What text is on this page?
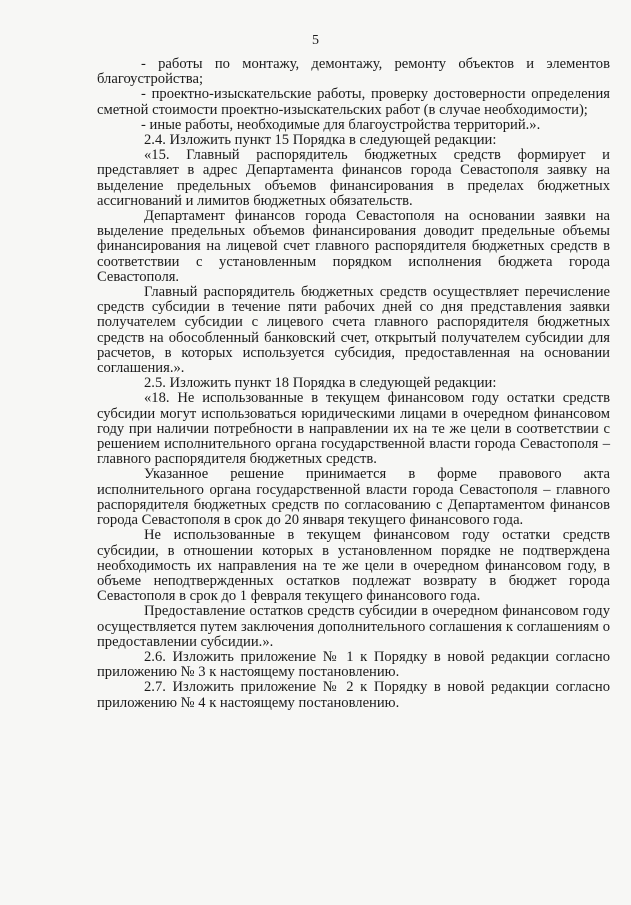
5

- работы по монтажу, демонтажу, ремонту объектов и элементов благоустройства;

- проектно-изыскательские работы, проверку достоверности определения сметной стоимости проектно-изыскательских работ (в случае необходимости);

- иные работы, необходимые для благоустройства территорий.».

2.4. Изложить пункт 15 Порядка в следующей редакции:

«15. Главный распорядитель бюджетных средств формирует и представляет в адрес Департамента финансов города Севастополя заявку на выделение предельных объемов финансирования в пределах бюджетных ассигнований и лимитов бюджетных обязательств.

Департамент финансов города Севастополя на основании заявки на выделение предельных объемов финансирования доводит предельные объемы финансирования на лицевой счет главного распорядителя бюджетных средств в соответствии с установленным порядком исполнения бюджета города Севастополя.

Главный распорядитель бюджетных средств осуществляет перечисление средств субсидии в течение пяти рабочих дней со дня представления заявки получателем субсидии с лицевого счета главного распорядителя бюджетных средств на обособленный банковский счет, открытый получателем субсидии для расчетов, в которых используется субсидия, предоставленная на основании соглашения.».

2.5. Изложить пункт 18 Порядка в следующей редакции:

«18. Не использованные в текущем финансовом году остатки средств субсидии могут использоваться юридическими лицами в очередном финансовом году при наличии потребности в направлении их на те же цели в соответствии с решением исполнительного органа государственной власти города Севастополя – главного распорядителя бюджетных средств.

Указанное решение принимается в форме правового акта исполнительного органа государственной власти города Севастополя – главного распорядителя бюджетных средств по согласованию с Департаментом финансов города Севастополя в срок до 20 января текущего финансового года.

Не использованные в текущем финансовом году остатки средств субсидии, в отношении которых в установленном порядке не подтверждена необходимость их направления на те же цели в очередном финансовом году, в объеме неподтвержденных остатков подлежат возврату в бюджет города Севастополя в срок до 1 февраля текущего финансового года.

Предоставление остатков средств субсидии в очередном финансовом году осуществляется путем заключения дополнительного соглашения к соглашениям о предоставлении субсидии.».

2.6. Изложить приложение № 1 к Порядку в новой редакции согласно приложению № 3 к настоящему постановлению.

2.7. Изложить приложение № 2 к Порядку в новой редакции согласно приложению № 4 к настоящему постановлению.
